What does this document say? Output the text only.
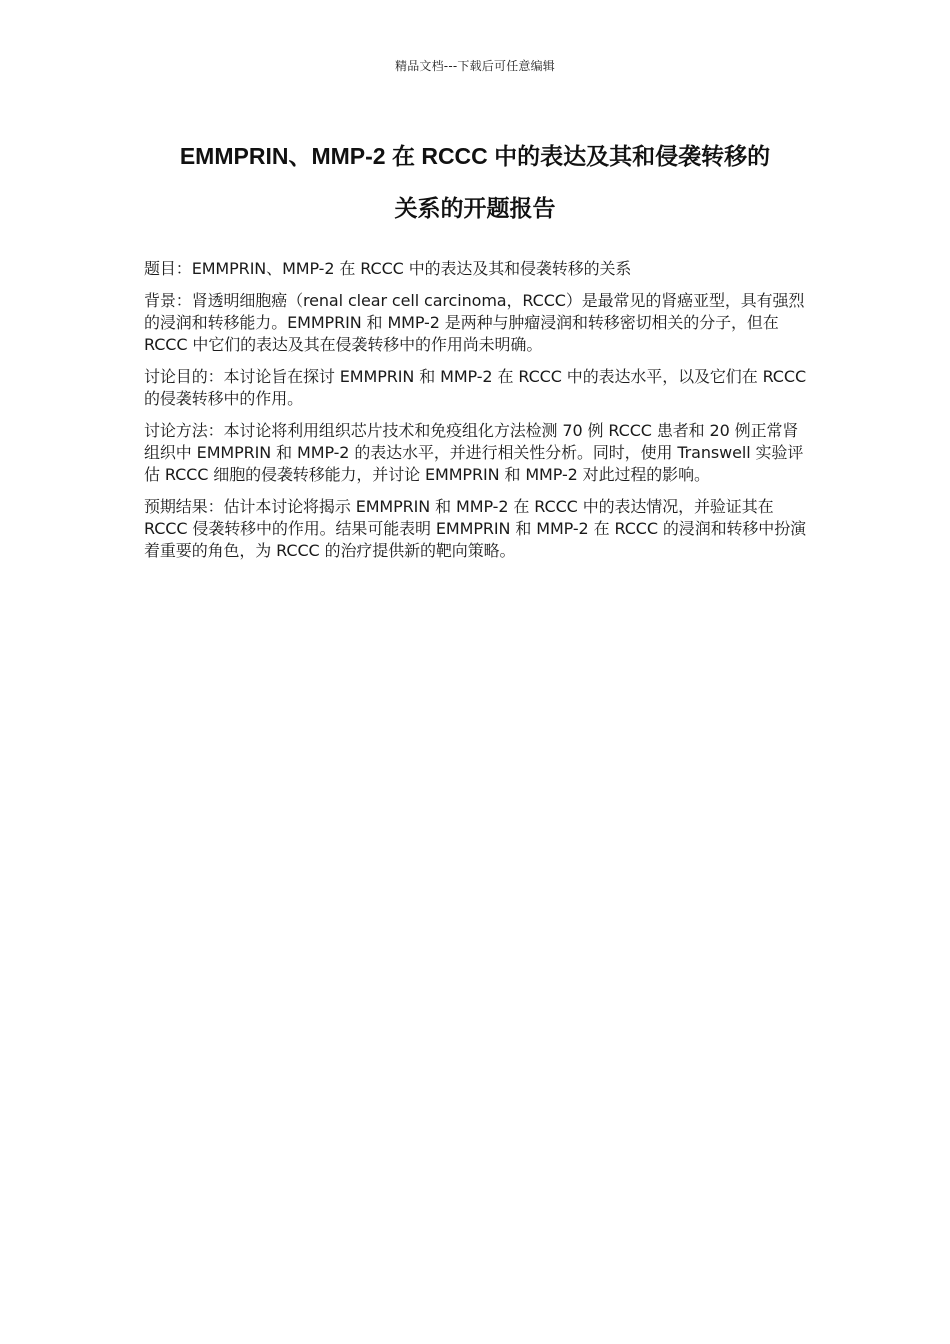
精品文档---下载后可任意编辑
EMMPRIN、MMP-2 在 RCCC 中的表达及其和侵袭转移的
关系的开题报告

题目：EMMPRIN、MMP-2 在 RCCC 中的表达及其和侵袭转移的关系

背景：肾透明细胞癌（renal clear cell carcinoma，RCCC）是最常见的肾癌亚型，具有强烈的浸润和转移能力。EMMPRIN 和 MMP-2 是两种与肿瘤浸润和转移密切相关的分子，但在 RCCC 中它们的表达及其在侵袭转移中的作用尚未明确。

讨论目的：本讨论旨在探讨 EMMPRIN 和 MMP-2 在 RCCC 中的表达水平，以及它们在 RCCC 的侵袭转移中的作用。

讨论方法：本讨论将利用组织芯片技术和免疫组化方法检测 70 例 RCCC 患者和 20 例正常肾组织中 EMMPRIN 和 MMP-2 的表达水平，并进行相关性分析。同时，使用 Transwell 实验评估 RCCC 细胞的侵袭转移能力，并讨论 EMMPRIN 和 MMP-2 对此过程的影响。

预期结果：估计本讨论将揭示 EMMPRIN 和 MMP-2 在 RCCC 中的表达情况，并验证其在 RCCC 侵袭转移中的作用。结果可能表明 EMMPRIN 和 MMP-2 在 RCCC 的浸润和转移中扮演着重要的角色，为 RCCC 的治疗提供新的靶向策略。
